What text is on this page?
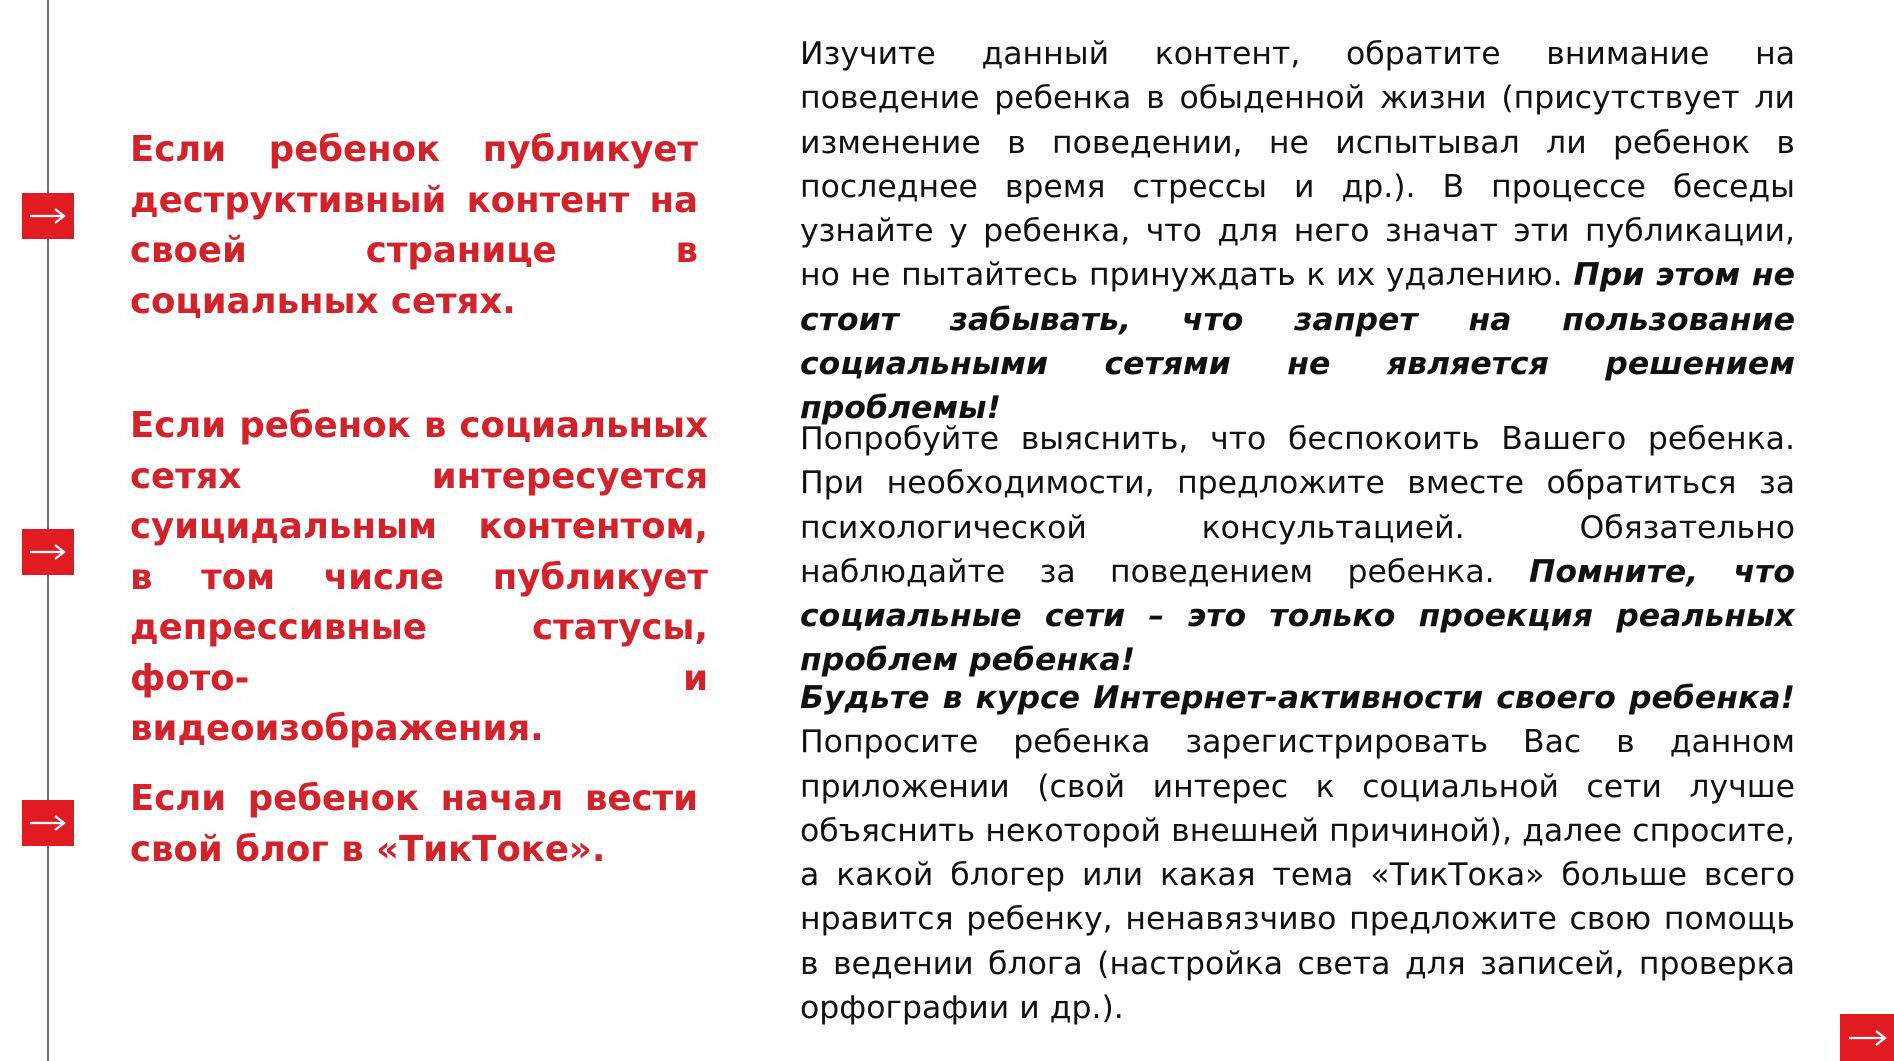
Если ребенок публикует деструктивный контент на своей странице в социальных сетях.

Если ребенок в социальных сетях интересуется суицидальным контентом, в том числе публикует депрессивные статусы, фото- и видеоизображения.

Если ребенок начал вести свой блог в «ТикТоке».

Изучите данный контент, обратите внимание на поведение ребенка в обыденной жизни (присутствует ли изменение в поведении, не испытывал ли ребенок в последнее время стрессы и др.). В процессе беседы узнайте у ребенка, что для него значат эти публикации, но не пытайтесь принуждать к их удалению. При этом не стоит забывать, что запрет на пользование социальными сетями не является решением проблемы!

Попробуйте выяснить, что беспокоить Вашего ребенка. При необходимости, предложите вместе обратиться за психологической консультацией. Обязательно наблюдайте за поведением ребенка. Помните, что социальные сети – это только проекция реальных проблем ребенка!

Будьте в курсе Интернет-активности своего ребенка! Попросите ребенка зарегистрировать Вас в данном приложении (свой интерес к социальной сети лучше объяснить некоторой внешней причиной), далее спросите, а какой блогер или какая тема «ТикТока» больше всего нравится ребенку, ненавязчиво предложите свою помощь в ведении блога (настройка света для записей, проверка орфографии и др.).
